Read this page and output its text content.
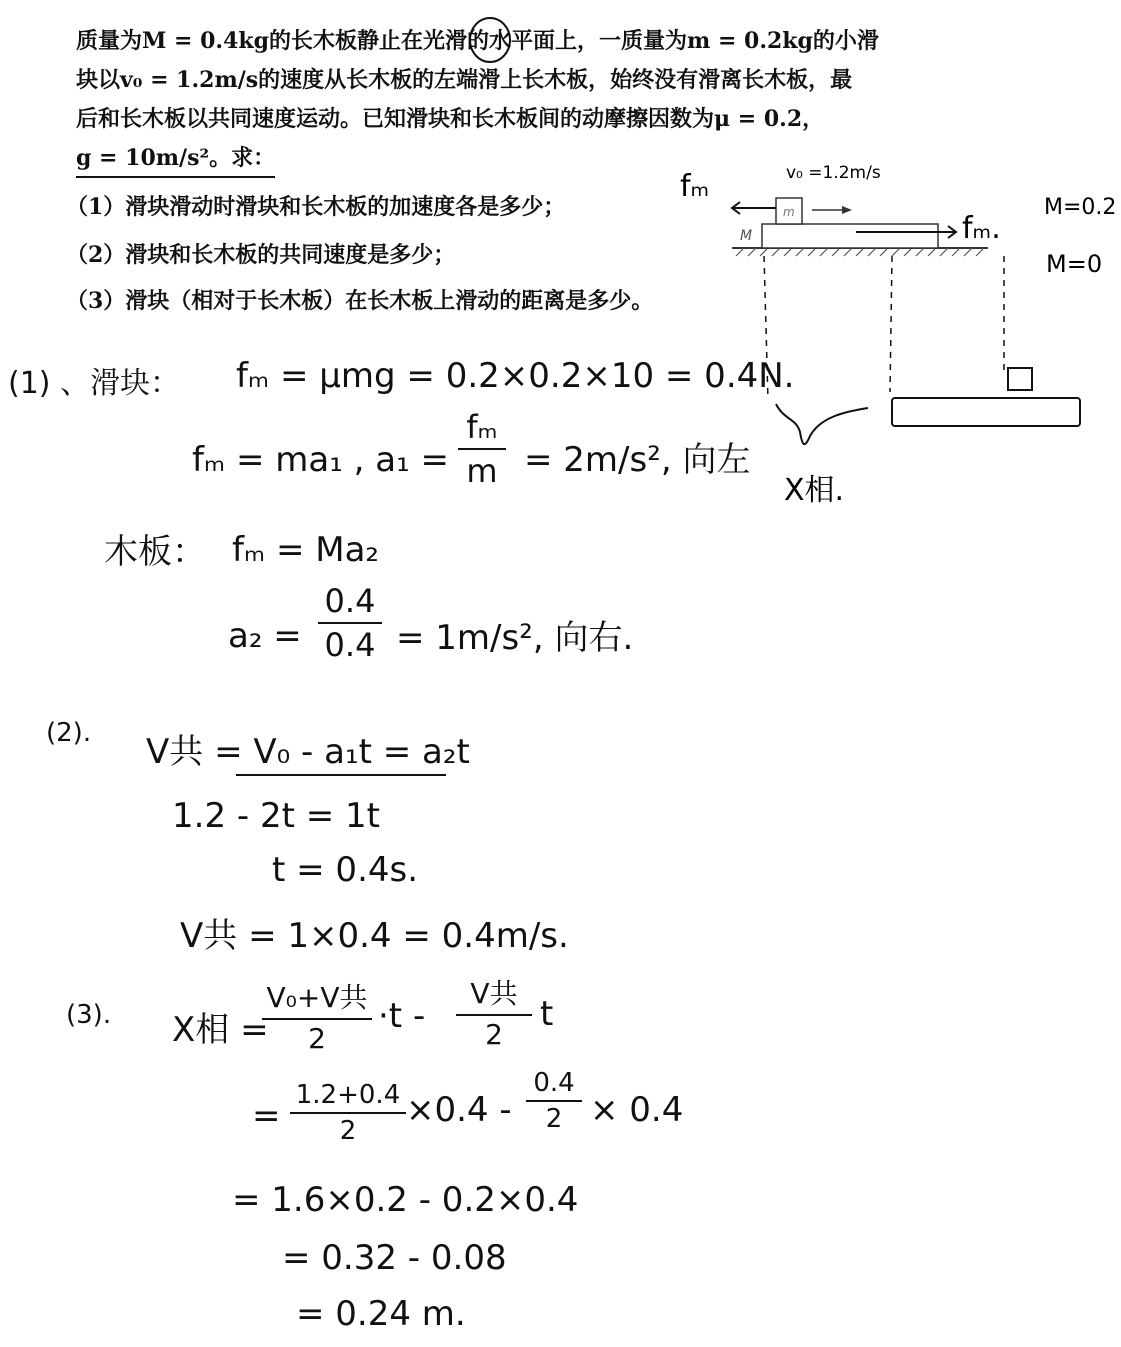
质量为M = 0.4kg的长木板静止在光滑的水平面上，一质量为m = 0.2kg的小滑

块以v₀ = 1.2m/s的速度从长木板的左端滑上长木板，始终没有滑离长木板，最

后和长木板以共同速度运动。已知滑块和长木板间的动摩擦因数为μ = 0.2，

g = 10m/s²。求：

（1）滑块滑动时滑块和长木板的加速度各是多少；
（2）滑块和长木板的共同速度是多少；
（3）滑块（相对于长木板）在长木板上滑动的距离是多少。
m
M
v₀ =1.2m/s
fₘ
fₘ.
M=0.2
M=0
X相.
(1) 、滑块： fₘ = μmg = 0.2×0.2×10 = 0.4N.
fₘ = ma₁ , a₁ =
fₘ
m = 2m/s², 向左
木板： fₘ = Ma₂
a₂ =
0.4
0.4 = 1m/s², 向右.
(2). V共 = V₀ - a₁t = a₂t
1.2 - 2t = 1t
t = 0.4s.
V共 = 1×0.4 = 0.4m/s.
(3). X相 =
V₀+V共
2
·t -
V共
2
t
=
1.2+0.4
2
×0.4 -
0.4
2 × 0.4
= 1.6×0.2 - 0.2×0.4
= 0.32 - 0.08
= 0.24 m.
